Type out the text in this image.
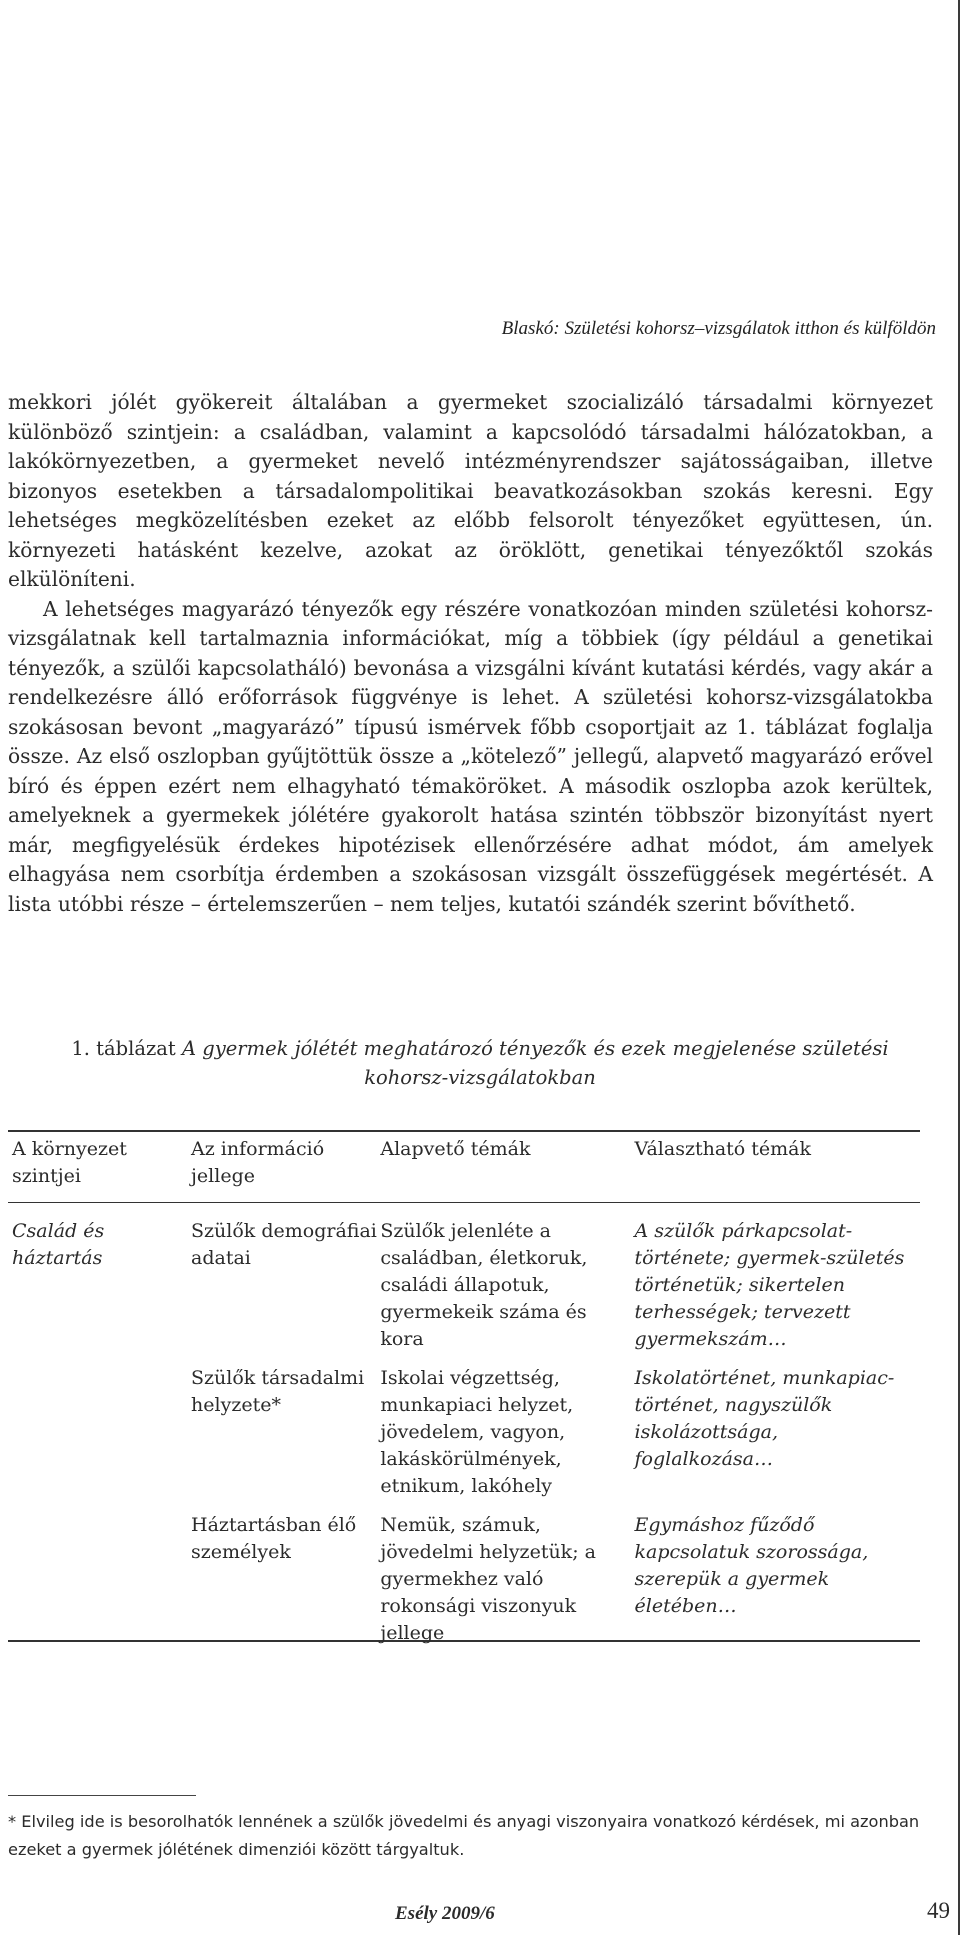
Blaskó: Születési kohorsz–vizsgálatok itthon és külföldön

mekkori jólét gyökereit általában a gyermeket szocializáló társadalmi környezet különböző szintjein: a családban, valamint a kapcsolódó társadalmi hálózatokban, a lakókörnyezetben, a gyermeket nevelő intézményrendszer sajátosságaiban, illetve bizonyos esetekben a társadalompolitikai beavatkozásokban szokás keresni. Egy lehetséges megközelítésben ezeket az előbb felsorolt tényezőket együttesen, ún. környezeti hatásként kezelve, azokat az öröklött, genetikai tényezőktől szokás elkülöníteni.

A lehetséges magyarázó tényezők egy részére vonatkozóan minden születési kohorsz-vizsgálatnak kell tartalmaznia információkat, míg a többiek (így például a genetikai tényezők, a szülői kapcsolatháló) bevonása a vizsgálni kívánt kutatási kérdés, vagy akár a rendelkezésre álló erőforrások függvénye is lehet. A születési kohorsz-vizsgálatokba szokásosan bevont „magyarázó” típusú ismérvek főbb csoportjait az 1. táblázat foglalja össze. Az első oszlopban gyűjtöttük össze a „kötelező” jellegű, alapvető magyarázó erővel bíró és éppen ezért nem elhagyható témaköröket. A második oszlopba azok kerültek, amelyeknek a gyermekek jólétére gyakorolt hatása szintén többször bizonyítást nyert már, megfigyelésük érdekes hipotézisek ellenőrzésére adhat módot, ám amelyek elhagyása nem csorbítja érdemben a szokásosan vizsgált összefüggések megértését. A lista utóbbi része – értelemszerűen – nem teljes, kutatói szándék szerint bővíthető.

1. táblázat A gyermek jólétét meghatározó tényezők és ezek megjelenése születési kohorsz-vizsgálatokban
A környezet szintjei	Az információ jellege	Alapvető témák	Választható témák
Család és háztartás	Szülők demográfiai adatai	Szülők jelenléte a családban, életkoruk, családi állapotuk, gyermekeik száma és kora	A szülők párkapcsolat-története; gyermek-születés történetük; sikertelen terhességek; tervezett gyermekszám…
	Szülők társadalmi helyzete*	Iskolai végzettség, munkapiaci helyzet, jövedelem, vagyon, lakáskörülmények, etnikum, lakóhely	Iskolatörténet, munkapiac-történet, nagyszülők iskolázottsága, foglalkozása…
	Háztartásban élő személyek	Nemük, számuk, jövedelmi helyzetük; a gyermekhez való rokonsági viszonyuk jellege	Egymáshoz fűződő kapcsolatuk szorossága, szerepük a gyermek életében…
* Elvileg ide is besorolhatók lennének a szülők jövedelmi és anyagi viszonyaira vonatkozó kérdések, mi azonban ezeket a gyermek jólétének dimenziói között tárgyaltuk.
Esély 2009/6	49
